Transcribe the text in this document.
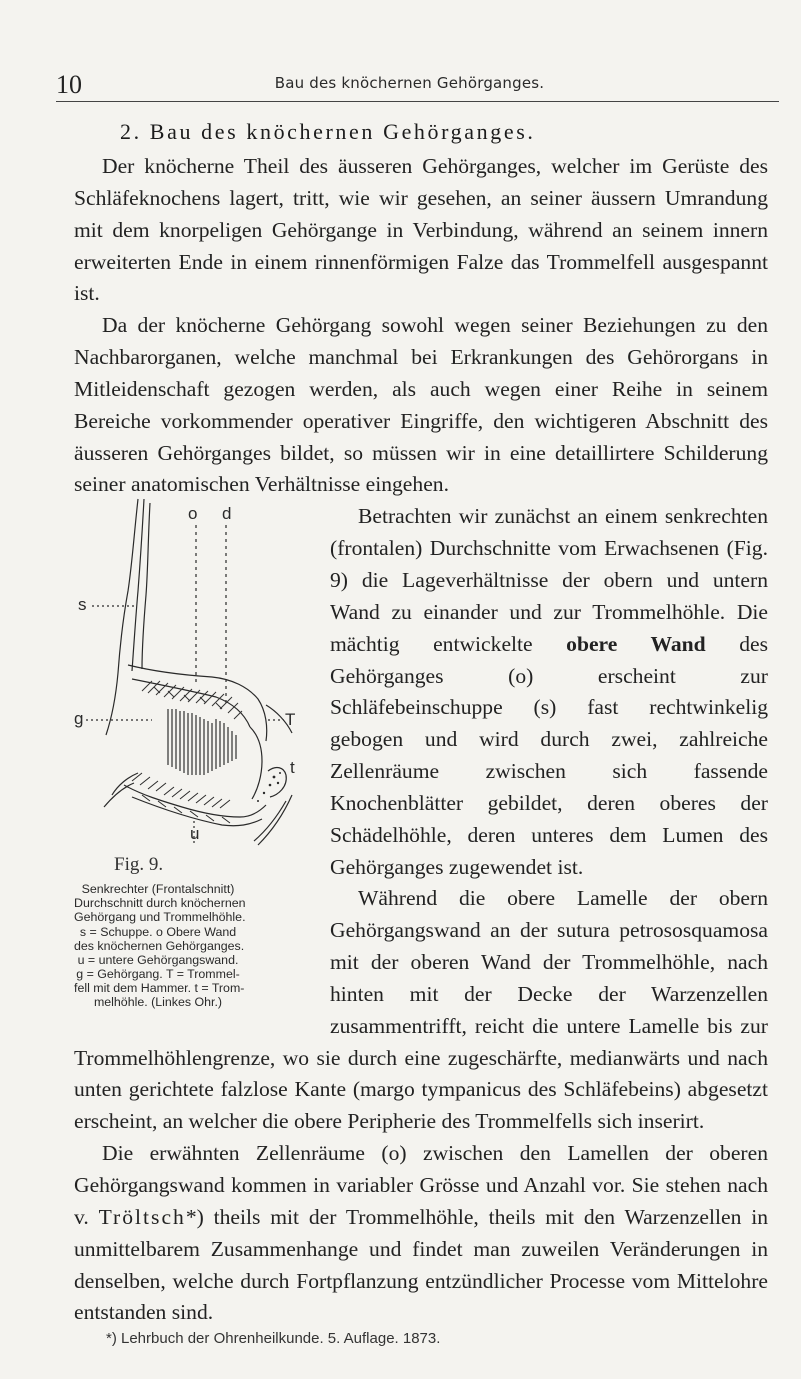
10	Bau des knöchernen Gehörganges.
2. Bau des knöchernen Gehörganges.
o d
s
g	T
t
u
Fig. 9.
Senkrechter (Frontalschnitt)
Durchschnitt durch knöchernen
Gehörgang und Trommelhöhle.
s = Schuppe. o Obere Wand
des knöchernen Gehörganges.
u = untere Gehörgangswand.
g = Gehörgang. T = Trommel-
fell mit dem Hammer. t = Trom-
melhöhle. (Linkes Ohr.)

Der knöcherne Theil des äusseren Gehörganges, welcher im Gerüste des Schläfeknochens lagert, tritt, wie wir gesehen, an seiner äussern Umrandung mit dem knorpeligen Gehörgange in Verbindung, während an seinem innern erweiterten Ende in einem rinnenförmigen Falze das Trommelfell ausgespannt ist.

Da der knöcherne Gehörgang sowohl wegen seiner Beziehungen zu den Nachbarorganen, welche manchmal bei Erkrankungen des Gehörorgans in Mitleidenschaft gezogen werden, als auch wegen einer Reihe in seinem Bereiche vorkommender operativer Eingriffe, den wichtigeren Abschnitt des äusseren Gehörganges bildet, so müssen wir in eine detaillirtere Schilderung seiner anatomischen Verhältnisse eingehen.

Betrachten wir zunächst an einem senkrechten (frontalen) Durchschnitte vom Erwachsenen (Fig. 9) die Lageverhältnisse der obern und untern Wand zu einander und zur Trommelhöhle. Die mächtig entwickelte obere Wand des Gehörganges (o) erscheint zur Schläfebeinschuppe (s) fast rechtwinkelig gebogen und wird durch zwei, zahlreiche Zellenräume zwischen sich fassende Knochenblätter gebildet, deren oberes der Schädelhöhle, deren unteres dem Lumen des Gehörganges zugewendet ist.

Während die obere Lamelle der obern Gehörgangswand an der sutura petrososquamosa mit der oberen Wand der Trommelhöhle, nach hinten mit der Decke der Warzenzellen zusammentrifft, reicht die untere Lamelle bis zur Trommelhöhlengrenze, wo sie durch eine zugeschärfte, medianwärts und nach unten gerichtete falzlose Kante (margo tympanicus des Schläfebeins) abgesetzt erscheint, an welcher die obere Peripherie des Trommelfells sich inserirt.

Die erwähnten Zellenräume (o) zwischen den Lamellen der oberen Gehörgangswand kommen in variabler Grösse und Anzahl vor. Sie stehen nach v. Tröltsch*) theils mit der Trommelhöhle, theils mit den Warzenzellen in unmittelbarem Zusammenhange und findet man zuweilen Veränderungen in denselben, welche durch Fortpflanzung entzündlicher Processe vom Mittelohre entstanden sind.

*) Lehrbuch der Ohrenheilkunde. 5. Auflage. 1873.
